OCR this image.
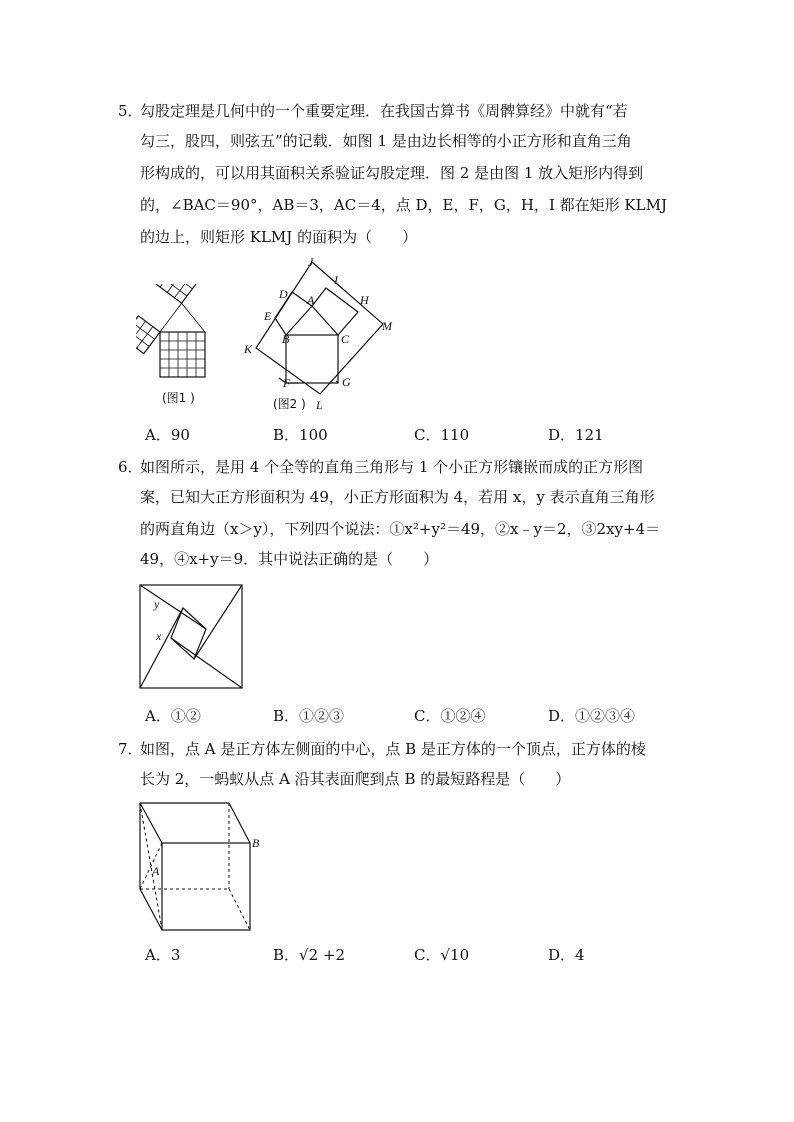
5．
勾股定理是几何中的一个重要定理．在我国古算书《周髀算经》中就有“若
勾三，股四，则弦五”的记载．如图 1 是由边长相等的小正方形和直角三角
形构成的，可以用其面积关系验证勾股定理．图 2 是由图 1 放入矩形内得到
的，∠BAC＝90°，AB＝3，AC＝4，点 D，E，F，G，H，I 都在矩形 KLMJ
的边上，则矩形 KLMJ 的面积为（　　）
(图1 )
J
I
D A	H
E
M
B	C
K
F	G
L
(图2 )
A．90	B．100	C．110	D．121
6．
如图所示，是用 4 个全等的直角三角形与 1 个小正方形镶嵌而成的正方形图
案，已知大正方形面积为 49，小正方形面积为 4，若用 x，y 表示直角三角形
的两直角边（x＞y），下列四个说法：①x²+y²＝49，②x﹣y＝2，③2xy+4＝
49，④x+y＝9．其中说法正确的是（　　）
y
x
A．①②	B．①②③	C．①②④	D．①②③④
7．
如图，点 A 是正方体左侧面的中心，点 B 是正方体的一个顶点，正方体的棱
长为 2，一蚂蚁从点 A 沿其表面爬到点 B 的最短路程是（　　）
A
B
A．3	B．√2 +2	C．√10	D．4
